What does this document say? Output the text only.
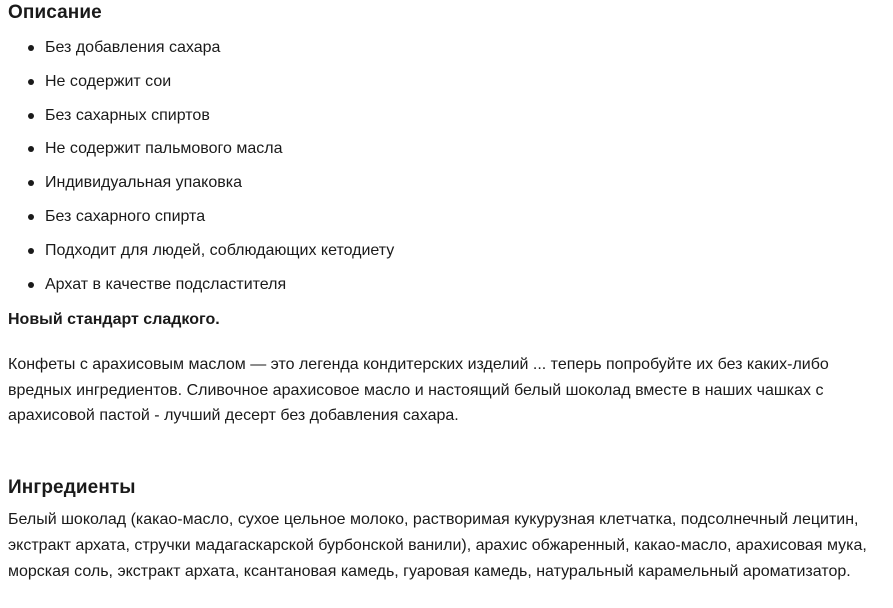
Описание
Без добавления сахара
Не содержит сои
Без сахарных спиртов
Не содержит пальмового масла
Индивидуальная упаковка
Без сахарного спирта
Подходит для людей, соблюдающих кетодиету
Архат в качестве подсластителя

Новый стандарт сладкого.

Конфеты с арахисовым маслом — это легенда кондитерских изделий ... теперь попробуйте их без каких-либо вредных ингредиентов. Сливочное арахисовое масло и настоящий белый шоколад вместе в наших чашках с арахисовой пастой - лучший десерт без добавления сахара.

Ингредиенты

Белый шоколад (какао-масло, сухое цельное молоко, растворимая кукурузная клетчатка, подсолнечный лецитин, экстракт архата, стручки мадагаскарской бурбонской ванили), арахис обжаренный, какао-масло, арахисовая мука, морская соль, экстракт архата, ксантановая камедь, гуаровая камедь, натуральный карамельный ароматизатор.
